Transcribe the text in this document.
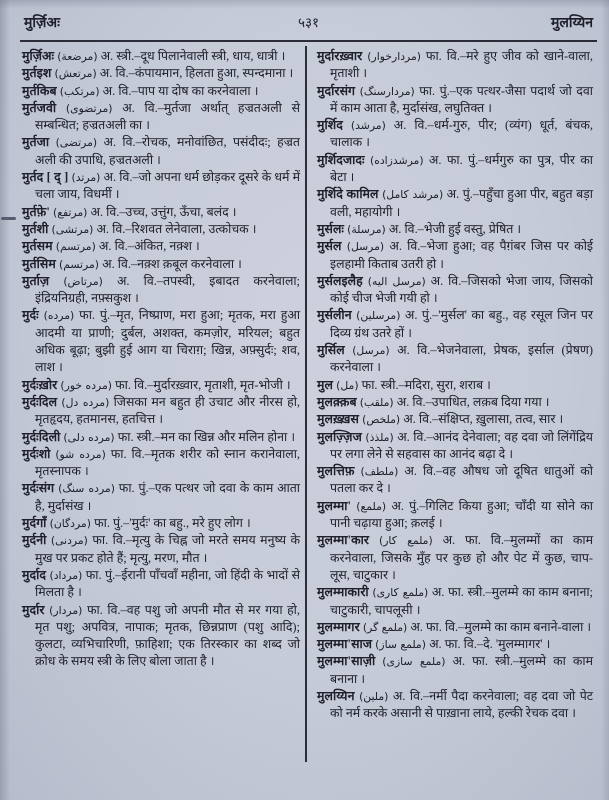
मुर्ज़िअः	५३१	मुलय्यिन

मुर्ज़िअः (مرضعة) अ. स्त्री.–दूध पिलानेवाली स्त्री, धाय, धात्री ।

मुर्तइश (مرتعش) अ. वि.–कंपायमान, हिलता हुआ, स्पन्दमाना ।

मुर्तकिब (مرتكب) अ. वि.–पाप या दोष का करनेवाला ।

मुर्तजवी (مرتضوى) अ. वि.–मुर्तजा अर्थात् हज्रतअली से सम्बन्धित; हज्रतअली का ।

मुर्तजा (مرتضى) अ. वि.–रोचक, मनोवांछित, पसंदीदः; हज्रत अली की उपाधि, हज्रतअली ।

मुर्तद [ द् ] (مرتد) अ. वि.–जो अपना धर्म छोड़कर दूसरे के धर्म में चला जाय, विधर्मी ।

मुर्तफ़े' (مرتفع) अ. वि.–उच्च, उत्तुंग, ऊँचा, बलंद ।

मुर्तशी (مرتشى) अ. वि.–रिशवत लेनेवाला, उत्कोचक ।

मुर्तसम (مرتسم) अ. वि.–अंकित, नक़्श ।

मुर्तसिम (مرتسم) अ. वि.–नक़्श क़बूल करनेवाला ।

मुर्ताज़ (مرتاض) अ. वि.–तपस्वी, इबादत करनेवाला; इंद्रियनिग्रही, नफ़्सकुश ।

मुर्दः (مرده) फा. पुं.–मृत, निष्प्राण, मरा हुआ; मृतक, मरा हुआ आदमी या प्राणी; दुर्बल, अशक्त, कमज़ोर, मरियल; बहुत अधिक बूढ़ा; बुझी हुई आग या चिराग़; खिन्न, अफ़्सुर्दः; शव, लाश ।

मुर्दःख़ोर (مرده خور) फा. वि.–मुर्दारख़्वार, मृताशी, मृत-भोजी ।

मुर्दःदिल (مرده دل) जिसका मन बहुत ही उचाट और नीरस हो, मृतहृदय, हतमानस, हतचित्त ।

मुर्दःदिली (مرده دلى) फा. स्त्री.–मन का खिन्न और मलिन होना ।

मुर्दःशो (مرده شو) फा. वि.–मृतक शरीर को स्नान करानेवाला, मृतस्नापक ।

मुर्दःसंग (مرده سنگ) फा. पुं.–एक पत्थर जो दवा के काम आता है, मुर्दासंख ।

मुर्दगाँ (مردگان) फा. पुं.–'मुर्दः' का बहु., मरे हुए लोग ।

मुर्दनी (مردنى) फा. वि.–मृत्यु के चिह्न जो मरते समय मनुष्य के मुख पर प्रकट होते हैं; मृत्यु, मरण, मौत ।

मुर्दाद (مرداد) फा. पुं.–ईरानी पाँचवाँ महीना, जो हिंदी के भादों से मिलता है ।

मुर्दार (مردار) फा. वि.–वह पशु जो अपनी मौत से मर गया हो, मृत पशु; अपवित्र, नापाक; मृतक, छिन्नप्राण (पशु आदि); कुलटा, व्यभिचारिणी, फ़ाहिशा; एक तिरस्कार का शब्द जो क्रोध के समय स्त्री के लिए बोला जाता है ।

मुर्दारख़्वार (مردارخوار) फा. वि.–मरे हुए जीव को खाने-वाला, मृताशी ।

मुर्दारसंग (مردارسنگ) फा. पुं.–एक पत्थर-जैसा पदार्थ जो दवा में काम आता है, मुर्दासंख, लघुतिक्त ।

मुर्शिद (مرشد) अ. वि.–धर्म-गुरु, पीर; (व्यंग) धूर्त, बंचक, चालाक ।

मुर्शिदजादः (مرشدزاده) अ. फा. पुं.–धर्मगुरु का पुत्र, पीर का बेटा ।

मुर्शिदे कामिल (مرشد كامل) अ. पुं.–पहुँचा हुआ पीर, बहुत बड़ा वली, महायोगी ।

मुर्सलः (مرسلة) अ. वि.–भेजी हुई वस्तु, प्रेषित ।

मुर्सल (مرسل) अ. वि.–भेजा हुआ; वह पैग़ंबर जिस पर कोई इलहामी किताब उतरी हो ।

मुर्सलइलैह (مرسل اليه) अ. वि.–जिसको भेजा जाय, जिसको कोई चीज भेजी गयी हो ।

मुर्सलीन (مرسلين) अ. पुं.–'मुर्सल' का बहु., वह रसूल जिन पर दिव्य ग्रंथ उतरे हों ।

मुर्सिल (مرسل) अ. वि.–भेजनेवाला, प्रेषक, इर्साल (प्रेषण) करनेवाला ।

मुल (مل) फा. स्त्री.–मदिरा, सुरा, शराब ।

मुलक़्क़ब (ملقب) अ. वि.–उपाधित, लक़ब दिया गया ।

मुलख़्ख़स (ملخص) अ. वि.–संक्षिप्त, ख़ुलासा, तत्व, सार ।

मुलज़्ज़िज (ملذذ) अ. वि.–आनंद देनेवाला; वह दवा जो लिंगेंद्रिय पर लगा लेने से सहवास का आनंद बढ़ा दे ।

मुलत्तिफ़ (ملطف) अ. वि.–वह औषध जो दूषित धातुओं को पतला कर दे ।

मुलम्मा' (ملمع) अ. पुं.–गिलिट किया हुआ; चाँदी या सोने का पानी चढ़ाया हुआ; क़लई ।

मुलम्मा'कार (ملمع كار) अ. फा. वि.–मुलम्मों का काम करनेवाला, जिसके मुँह पर कुछ हो और पेट में कुछ, चाप-लूस, चाटुकार ।

मुलम्माकारी (ملمع كارى) अ. फा. स्त्री.–मुलम्मे का काम बनाना; चाटुकारी, चापलूसी ।

मुलम्मागर (ملمع گر) अ. फा. वि.–मुलम्मे का काम बनाने-वाला ।

मुलम्मा'साज (ملمع ساز) अ. फा. वि.–दे. 'मुलम्मागर' ।

मुलम्मा'साज़ी (ملمع سازى) अ. फा. स्त्री.–मुलम्मे का काम बनाना ।

मुलय्यिन (ملين) अ. वि.–नर्मी पैदा करनेवाला; वह दवा जो पेट को नर्म करके असानी से पाख़ाना लाये, हल्की रेचक दवा ।
